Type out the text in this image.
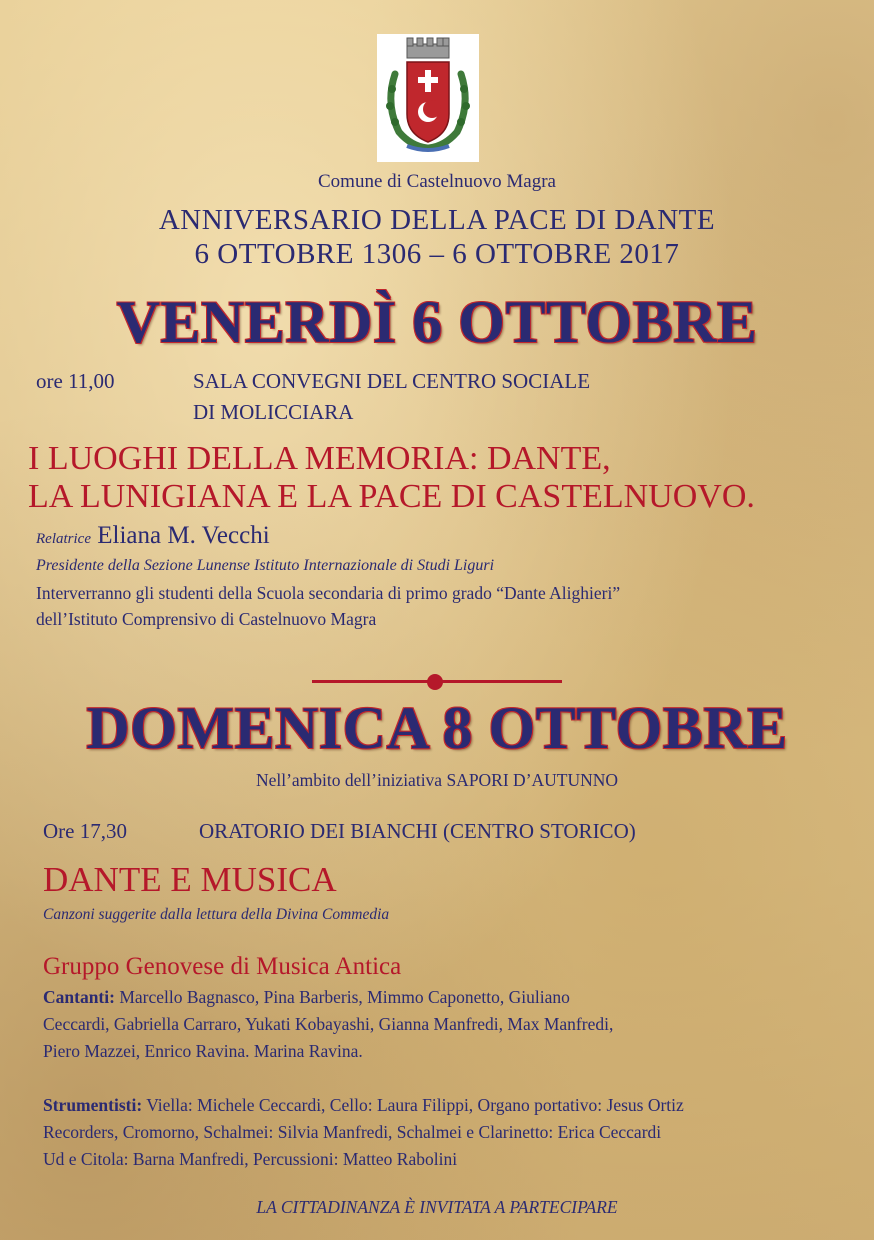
Comune di Castelnuovo Magra

ANNIVERSARIO DELLA PACE DI DANTE

6 OTTOBRE 1306 – 6 OTTOBRE 2017

VENERDÌ 6 OTTOBRE

ore 11,00	SALA CONVEGNI DEL CENTRO SOCIALE

DI MOLICCIARA

I LUOGHI DELLA MEMORIA: DANTE,

LA LUNIGIANA E LA PACE DI CASTELNUOVO.

Relatrice Eliana M. Vecchi

Presidente della Sezione Lunense Istituto Internazionale di Studi Liguri

Interverranno gli studenti della Scuola secondaria di primo grado “Dante Alighieri”

dell’Istituto Comprensivo di Castelnuovo Magra

DOMENICA 8 OTTOBRE

Nell’ambito dell’iniziativa SAPORI D’AUTUNNO

Ore 17,30	ORATORIO DEI BIANCHI (CENTRO STORICO)

DANTE E MUSICA

Canzoni suggerite dalla lettura della Divina Commedia

Gruppo Genovese di Musica Antica

Cantanti: Marcello Bagnasco, Pina Barberis, Mimmo Caponetto, Giuliano

Ceccardi, Gabriella Carraro, Yukati Kobayashi, Gianna Manfredi, Max Manfredi,

Piero Mazzei, Enrico Ravina. Marina Ravina.

Strumentisti: Viella: Michele Ceccardi, Cello: Laura Filippi, Organo portativo: Jesus Ortiz

Recorders, Cromorno, Schalmei: Silvia Manfredi, Schalmei e Clarinetto: Erica Ceccardi

Ud e Citola: Barna Manfredi, Percussioni: Matteo Rabolini

LA CITTADINANZA È INVITATA A PARTECIPARE
